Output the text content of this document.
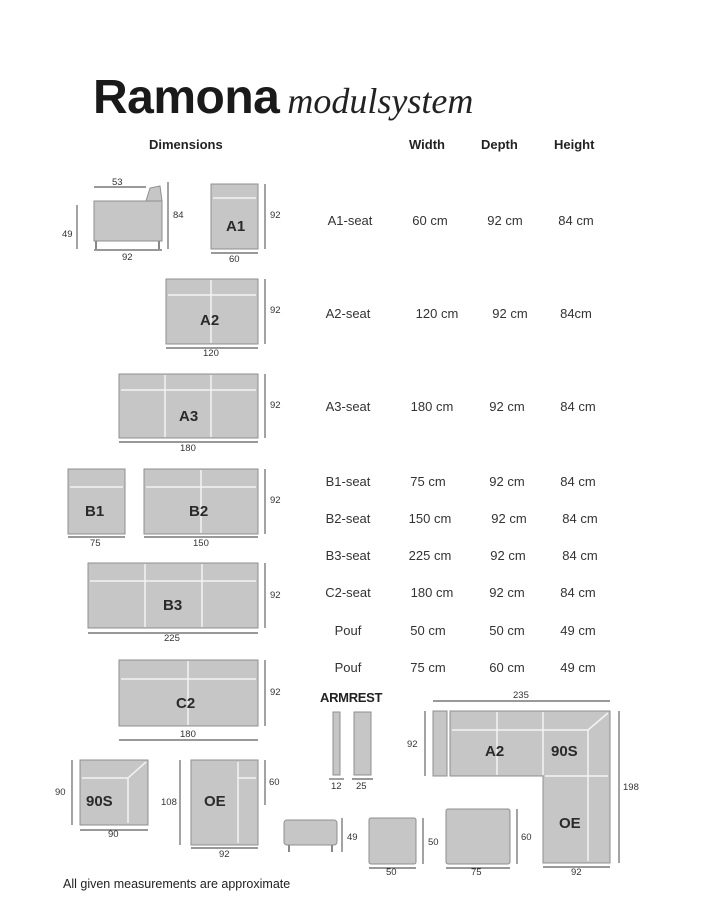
Ramona modulsystem
Dimensions	Width	Depth	Height
A1-seat	60 cm	92 cm	84 cm
A2-seat	120 cm	92 cm	84cm
A3-seat	180 cm	92 cm	84 cm
B1-seat	75 cm	92 cm	84 cm
B2-seat	150 cm	92 cm	84 cm
B3-seat	225 cm	92 cm	84 cm
C2-seat	180 cm	92 cm	84 cm
Pouf	50 cm	50 cm	49 cm
Pouf	75 cm	60 cm	49 cm
ARMREST
53
49
84
92
A1
92
60
A2
92
120
A3
92
180
B1
75
B2
92
150
B3
92
225
C2
92
180
90S
90
90
OE
108
60
92
49
12 25
50
50
60
75
A2	90S
OE
235
92
198
92
All given measurements are approximate
